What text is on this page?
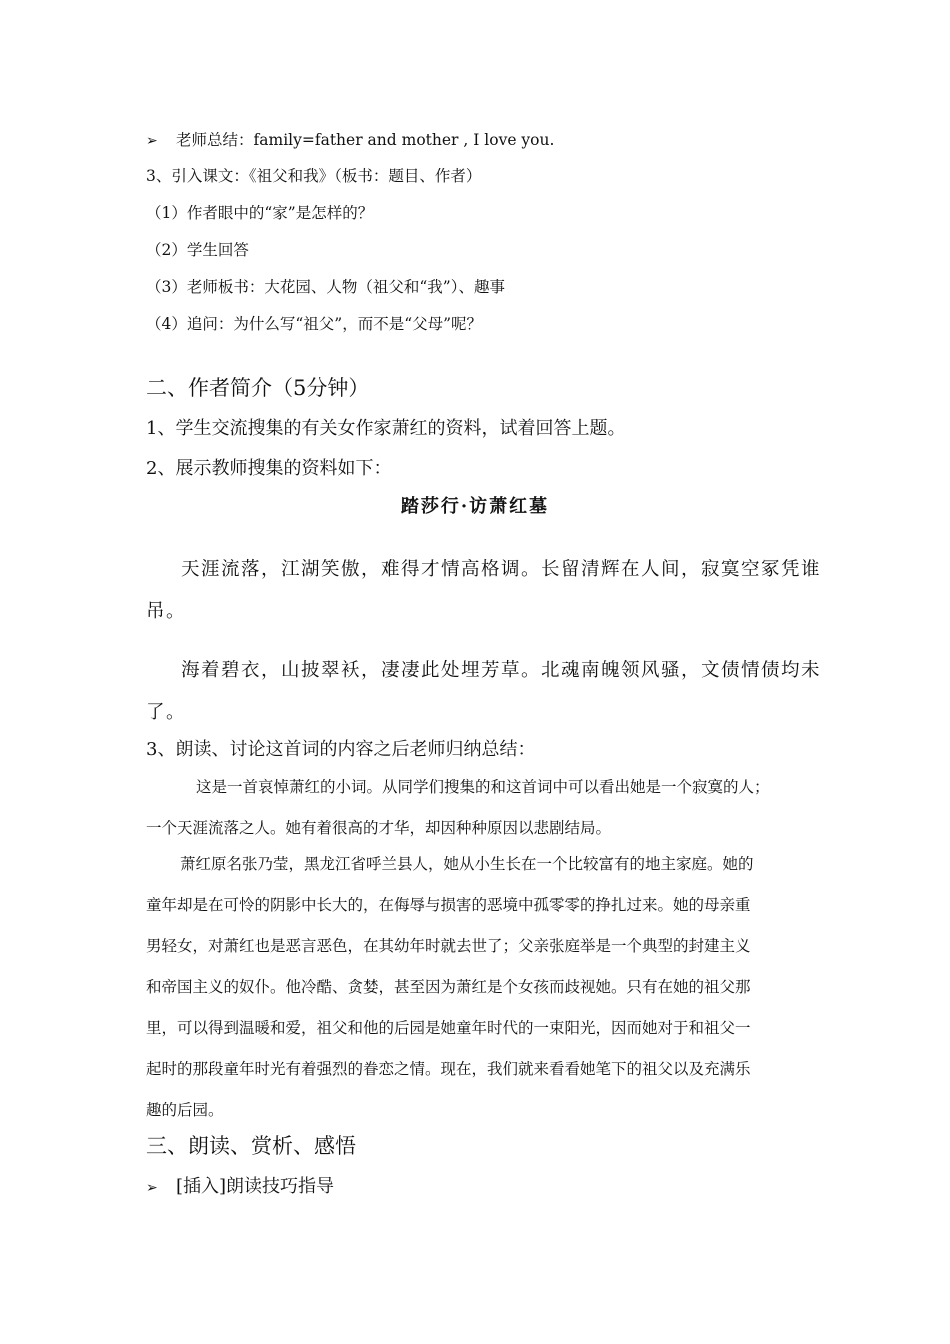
➢ 老师总结：family=father and mother , I love you.
3、引入课文：《祖父和我》（板书：题目、作者）
（1）作者眼中的“家”是怎样的？
（2）学生回答
（3）老师板书：大花园、人物（祖父和“我”）、趣事
（4）追问：为什么写“祖父”，而不是“父母”呢？
二、作者简介（5分钟）
1、学生交流搜集的有关女作家萧红的资料，试着回答上题。
2、展示教师搜集的资料如下：
踏莎行·访萧红墓
天涯流落，江湖笑傲，难得才情高格调。长留清辉在人间，寂寞空冢凭谁
吊。
海着碧衣，山披翠袄，凄凄此处埋芳草。北魂南魄领风骚，文债情债均未
了。
3、朗读、讨论这首词的内容之后老师归纳总结：
这是一首哀悼萧红的小词。从同学们搜集的和这首词中可以看出她是一个寂寞的人；
一个天涯流落之人。她有着很高的才华，却因种种原因以悲剧结局。
萧红原名张乃莹，黑龙江省呼兰县人，她从小生长在一个比较富有的地主家庭。她的
童年却是在可怜的阴影中长大的，在侮辱与损害的恶境中孤零零的挣扎过来。她的母亲重
男轻女，对萧红也是恶言恶色，在其幼年时就去世了；父亲张庭举是一个典型的封建主义
和帝国主义的奴仆。他冷酷、贪婪，甚至因为萧红是个女孩而歧视她。只有在她的祖父那
里，可以得到温暖和爱，祖父和他的后园是她童年时代的一束阳光，因而她对于和祖父一
起时的那段童年时光有着强烈的眷恋之情。现在，我们就来看看她笔下的祖父以及充满乐
趣的后园。
三、朗读、赏析、感悟
➢ [插入]朗读技巧指导
